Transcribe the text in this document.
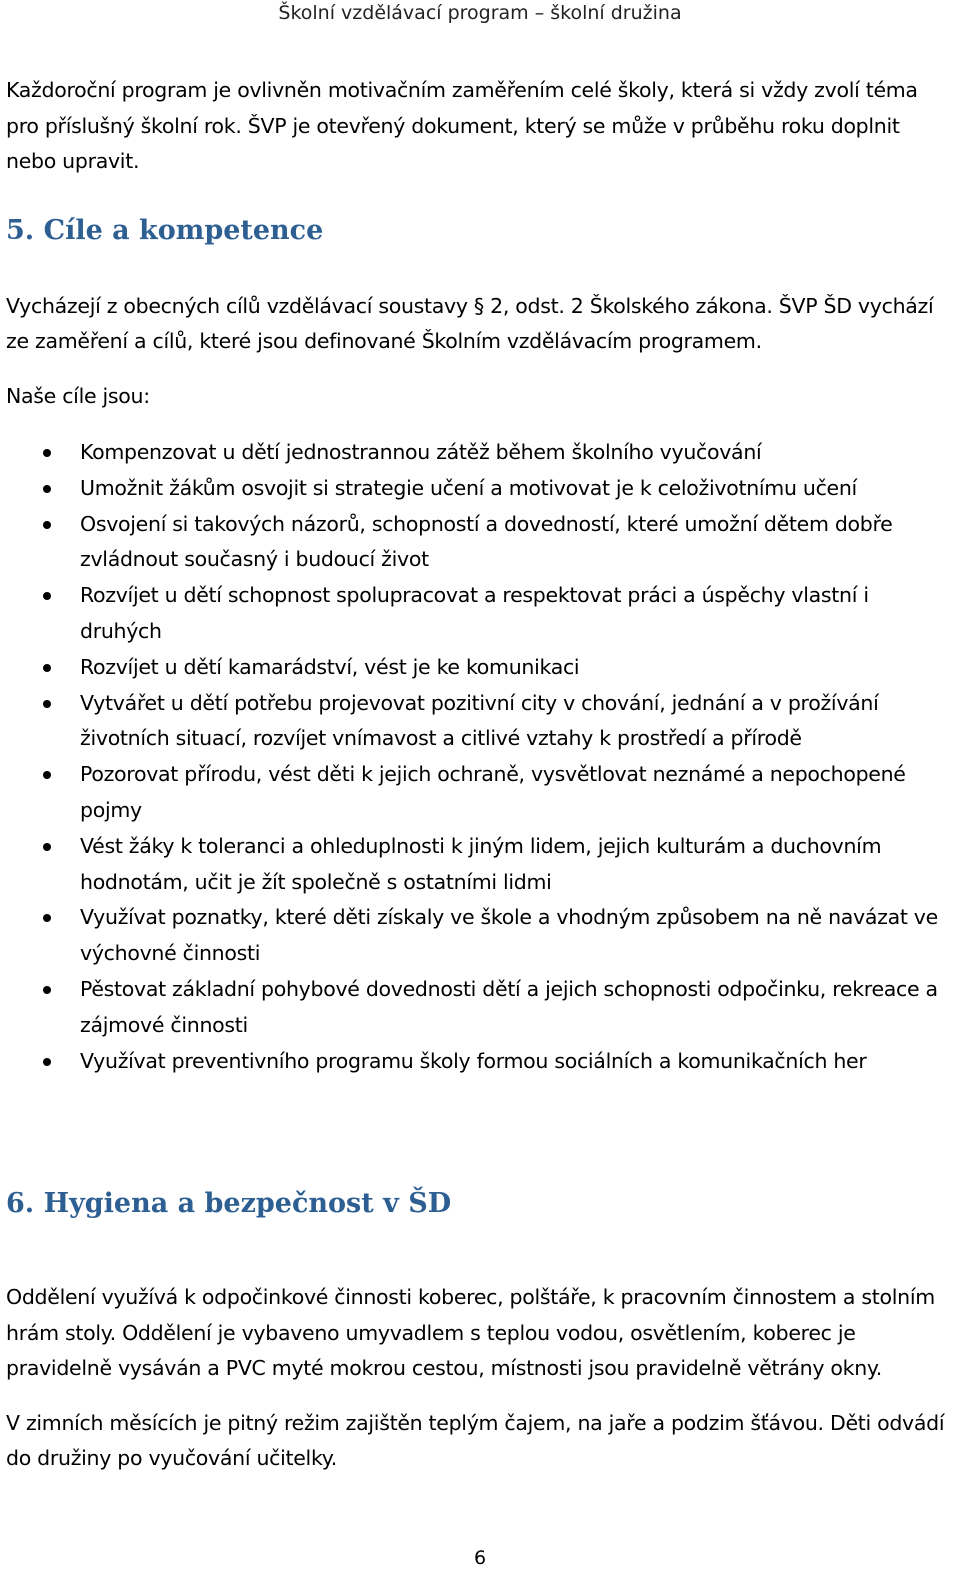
Školní vzdělávací program – školní družina

Každoroční program je ovlivněn motivačním zaměřením celé školy, která si vždy zvolí téma pro příslušný školní rok. ŠVP je otevřený dokument, který se může v průběhu roku doplnit nebo upravit.

5. Cíle a kompetence

Vycházejí z obecných cílů vzdělávací soustavy § 2, odst. 2 Školského zákona. ŠVP ŠD vychází ze zaměření a cílů, které jsou definované Školním vzdělávacím programem.

Naše cíle jsou:

Kompenzovat u dětí jednostrannou zátěž během školního vyučování
Umožnit žákům osvojit si strategie učení a motivovat je k celoživotnímu učení
Osvojení si takových názorů, schopností a dovedností, které umožní dětem dobře zvládnout současný i budoucí život
Rozvíjet u dětí schopnost spolupracovat a respektovat práci a úspěchy vlastní i druhých
Rozvíjet u dětí kamarádství, vést je ke komunikaci
Vytvářet u dětí potřebu projevovat pozitivní city v chování, jednání a v prožívání životních situací, rozvíjet vnímavost a citlivé vztahy k prostředí a přírodě
Pozorovat přírodu, vést děti k jejich ochraně, vysvětlovat neznámé a nepochopené pojmy
Vést žáky k toleranci a ohleduplnosti k jiným lidem, jejich kulturám a duchovním hodnotám, učit je žít společně s ostatními lidmi
Využívat poznatky, které děti získaly ve škole a vhodným způsobem na ně navázat ve výchovné činnosti
Pěstovat základní pohybové dovednosti dětí a jejich schopnosti odpočinku, rekreace a zájmové činnosti
Využívat preventivního programu školy formou sociálních a komunikačních her
6. Hygiena a bezpečnost v ŠD

Oddělení využívá k odpočinkové činnosti koberec, polštáře, k pracovním činnostem a stolním hrám stoly. Oddělení je vybaveno umyvadlem s teplou vodou, osvětlením, koberec je pravidelně vysáván a PVC myté mokrou cestou, místnosti jsou pravidelně větrány okny.

V zimních měsících je pitný režim zajištěn teplým čajem, na jaře a podzim šťávou. Děti odvádí do družiny po vyučování učitelky.

6
